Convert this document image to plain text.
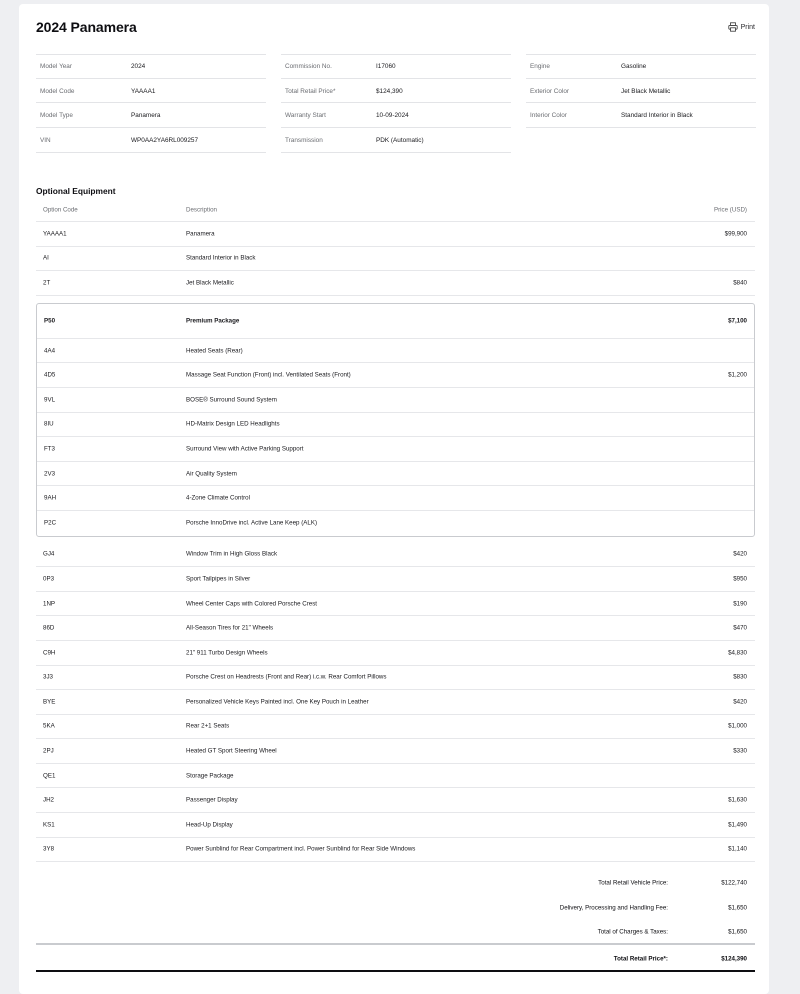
2024 Panamera	Print
Model Year	2024
Model Code	YAAAA1
Model Type	Panamera
VIN	WP0AA2YA6RL009257
Commission No.	I17060
Total Retail Price*	$124,390
Warranty Start	10-09-2024
Transmission	PDK (Automatic)
Engine	Gasoline
Exterior Color	Jet Black Metallic
Interior Color	Standard Interior in Black
Optional Equipment
Option Code	Description	Price (USD)
YAAAA1	Panamera	$99,900
AI	Standard Interior in Black
2T	Jet Black Metallic	$840
P50	Premium Package	$7,100
4A4	Heated Seats (Rear)
4D5	Massage Seat Function (Front) incl. Ventilated Seats (Front)	$1,200
9VL	BOSE® Surround Sound System
8IU	HD-Matrix Design LED Headlights
FT3	Surround View with Active Parking Support
2V3	Air Quality System
9AH	4-Zone Climate Control
P2C	Porsche InnoDrive incl. Active Lane Keep (ALK)
GJ4	Window Trim in High Gloss Black	$420
0P3	Sport Tailpipes in Silver	$950
1NP	Wheel Center Caps with Colored Porsche Crest	$190
86D	All-Season Tires for 21" Wheels	$470
C9H	21" 911 Turbo Design Wheels	$4,830
3J3	Porsche Crest on Headrests (Front and Rear) i.c.w. Rear Comfort Pillows	$830
BYE	Personalized Vehicle Keys Painted incl. One Key Pouch in Leather	$420
5KA	Rear 2+1 Seats	$1,000
2PJ	Heated GT Sport Steering Wheel	$330
QE1	Storage Package
JH2	Passenger Display	$1,630
KS1	Head-Up Display	$1,490
3Y8	Power Sunblind for Rear Compartment incl. Power Sunblind for Rear Side Windows	$1,140
Total Retail Vehicle Price:	$122,740
Delivery, Processing and Handling Fee:	$1,650
Total of Charges & Taxes:	$1,650
Total Retail Price*:	$124,390
